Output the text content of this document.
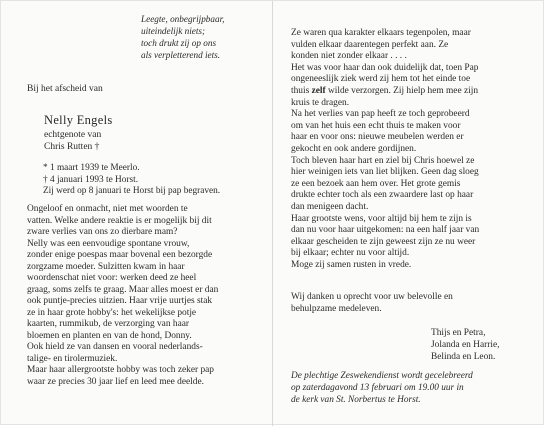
Leegte, onbegrijpbaar,
uiteindelijk niets;
toch drukt zij op ons
als verpletterend iets.
Bij het afscheid van
Nelly Engels
echtgenote van
Chris Rutten †
* 1 maart 1939 te Meerlo.
† 4 januari 1993 te Horst.
Zij werd op 8 januari te Horst bij pap begraven.
Ongeloof en onmacht, niet met woorden te
vatten. Welke andere reaktie is er mogelijk bij dit
zware verlies van ons zo dierbare mam?
Nelly was een eenvoudige spontane vrouw,
zonder enige poespas maar bovenal een bezorgde
zorgzame moeder. Sulzitten kwam in haar
woordenschat niet voor: werken deed ze heel
graag, soms zelfs te graag. Maar alles moest er dan
ook puntje-precies uitzien. Haar vrije uurtjes stak
ze in haar grote hobby's: het wekelijkse potje
kaarten, rummikub, de verzorging van haar
bloemen en planten en van de hond, Donny.
Ook hield ze van dansen en vooral nederlands-
talige- en tirolermuziek.
Maar haar allergrootste hobby was toch zeker pap
waar ze precies 30 jaar lief en leed mee deelde.
Ze waren qua karakter elkaars tegenpolen, maar
vulden elkaar daarentegen perfekt aan. Ze
konden niet zonder elkaar . . . .
Het was voor haar dan ook duidelijk dat, toen Pap
ongeneeslijk ziek werd zij hem tot het einde toe
thuis zelf wilde verzorgen. Zij hielp hem mee zijn
kruis te dragen.
Na het verlies van pap heeft ze toch geprobeerd
om van het huis een echt thuis te maken voor
haar en voor ons: nieuwe meubelen werden er
gekocht en ook andere gordijnen.
Toch bleven haar hart en ziel bij Chris hoewel ze
hier weinigen iets van liet blijken. Geen dag sloeg
ze een bezoek aan hem over. Het grote gemis
drukte echter toch als een zwaardere last op haar
dan menigeen dacht.
Haar grootste wens, voor altijd bij hem te zijn is
dan nu voor haar uitgekomen: na een half jaar van
elkaar gescheiden te zijn geweest zijn ze nu weer
bij elkaar; echter nu voor altijd.
Moge zij samen rusten in vrede.
Wij danken u oprecht voor uw belevolle en
behulpzame medeleven.
Thijs en Petra,
Jolanda en Harrie,
Belinda en Leon.
De plechtige Zeswekendienst wordt gecelebreerd
op zaterdagavond 13 februari om 19.00 uur in
de kerk van St. Norbertus te Horst.
